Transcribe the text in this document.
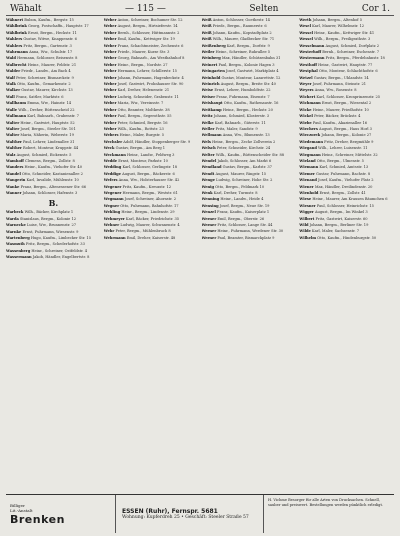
Wähalt	— 115 —	Selten	Cor 1.

Wähnert Bubon, Kaufm., Bergstr. 15

Wählbrink Georg, Postschaffn., Hauptstr. 17

Wählbrink Ernst, Bergm., Heckstr. 11

Wahlers Gustav, Witwe, Knappenstr. 6

Wahlers Fritz, Bergm., Gartenstr. 3

Wahrmann Anna, Ww., Schulstr. 17

Wald Hermann, Schlosser, Beisenstr. 8

Walbrecht Heinr., Maurer, Feldstr. 21

Walder Friedr., Landw., Am Bach 4

Walf Peter, Schreiner, Bismarckstr. 9

Walk Otto, Kaufm., Gemarkenstr. 2

Walker Gustav, Maurer, Kirchstr. 13

Wall Franz, Sattler, Marktstr. 6

Wallbaum Emma, Ww., Hainstr. 14

Walle Wilh., Dreher, Rüttenscheid 22

Wallmann Karl, Bahnarb., Grabenstr. 7

Walter Heinr., Gastwirt, Hauptstr. 52

Walter Josef, Bergm., Steeler Str. 101

Walter Maria, Näherin, Weberstr. 19

Walther Paul, Lehrer, Lindenallee 31

Walther Robert, Monteur, Kruppstr. 44

Walz August, Schmied, Eickenstr. 5

Wamhoff Clemens, Bergm., Zollstr. 8

Wanders Heinr., Kaufm., Viehofer Str. 40

Wandel Otto, Schneider, Kastanienallee 2

Wangerin Karl, Invalide, Mühlenstr. 10

Wanke Franz, Bergm., Altenessener Str. 66

Wanner Johann, Schlosser, Hafenstr. 3

B.

Warbeck Wilh., Bäcker, Kirchplatz 1

Warda Stanislaus, Bergm., Kolonie 12

Warnecke Luise, Ww., Brunnenstr. 27

Warnke Ernst, Fuhrmann, Wiesenstr. 9

Wartenberg Hugo, Kaufm., Limbecker Str. 15

Wasmuth Fritz, Bergm., Schederhofstr. 33

Wassenberg Heinr., Schreiner, Ostfeldstr. 4

Wassermann Jakob, Händler, Engelbertstr. 8

Weber Anton, Schreiner, Bochumer Str. 12

Weber August, Bergm., Hirtsieferstr. 14

Weber Bernh., Schlosser, Hüttmannstr. 2

Weber Emil, Kaufm., Kettwiger Str. 19

Weber Franz, Schachtmeister, Zechenstr. 6

Weber Friedr., Maurer, Kurze Str. 3

Weber Georg, Bahnarb., Am Westbahnhof 8

Weber Heinr., Bergm., Nordstr. 27

Weber Hermann, Lehrer, Schillerstr. 15

Weber Johann, Fuhrmann, Hagenbeckstr. 4

Weber Josef, Gastwirt, Frohnhauser Str. 90

Weber Karl, Dreher, Helenenstr. 21

Weber Ludwig, Schneider, Grabenstr. 11

Weber Maria, Ww., Vereinsstr. 7

Weber Otto, Beamter, Moltkestr. 38

Weber Paul, Bergm., Segerothstr. 55

Weber Peter, Schmied, Bergstr. 16

Weber Wilh., Kaufm., Rottstr. 23

Webers Heinr., Maler, Burgstr. 5

Wechsler Adolf, Händler, Stoppenberger Str. 9

Weck Gustav, Bergm., Am Berg 1

Weckmann Heinr., Landw., Feldweg 3

Wedde Ernst, Monteur, Parkstr. 10

Wedding Karl, Schlosser, Gerlingstr. 18

Weddige August, Bergm., Bäckerstr. 6

Wefers Anna, Ww., Holsterhauser Str. 42

Wegener Fritz, Kaufm., Kreuzstr. 12

Wegener Hermann, Bergm., Weststr. 61

Wegmann Josef, Schreiner, Ahornstr. 2

Wegner Otto, Fuhrmann, Bahnhofstr. 17

Wehling Heinr., Bergm., Lindenstr. 29

Wehmeyer Karl, Bäcker, Friedrichstr. 35

Wehner Ludwig, Maurer, Schwanenstr. 4

Wehr Peter, Bergm., Mühlenbruch 8

Wehrmann Emil, Dreher, Kaiserstr. 48

Weiß Anton, Schlosser, Goethestr. 14

Weiß Friedr., Bergm., Raumerstr. 6

Weiß Johann, Kaufm., Kopstadtplatz 2

Weiß Wilh., Maurer, Gladbecker Str. 71

Weißenberg Karl, Bergm., Dorfstr. 9

Weiler Heinr., Schreiner, Ruhrallee 5

Weinberg Max, Händler, Schützenbahn 31

Weinert Paul, Bergm., Kolonie Hagen 3

Weingarten Josef, Gastwirt, Marktplatz 4

Weinhold Gustav, Monteur, Lazarettstr. 12

Weinrich August, Bergm., Breite Str. 40

Weise Ernst, Lehrer, Humboldtstr. 22

Weiser Franz, Fuhrmann, Eisenstr. 7

Weishaupt Otto, Kaufm., Rathenaustr. 16

Weitkamp Heinr., Bergm., Heckstr. 20

Weitz Johann, Schmied, Klosterstr. 3

Welke Karl, Bahnarb., Güterstr. 11

Weller Fritz, Maler, Sandstr. 9

Wellmann Anna, Ww., Blumenstr. 13

Wels Heinr., Bergm., Zeche Zollverein 2

Welsch Peter, Schneider, Kirchstr. 24

Welter Wilh., Kaufm., Rüttenscheider Str. 88

Wendel Jakob, Schlosser, Am Markt 6

Wendland Gustav, Bergm., Karlstr. 37

Wendt August, Maurer, Ringstr. 15

Wenge Ludwig, Schreiner, Hohe Str. 2

Wenig Otto, Bergm., Feldmark 10

Wenk Karl, Dreher, Turmstr. 8

Wenning Heinr., Landw., Heide 4

Wensing Josef, Bergm., Neue Str. 19

Wenzel Franz, Kaufm., Kaiserplatz 1

Werner Emil, Bergm., Oberstr. 26

Werner Fritz, Schlosser, Lange Str. 44

Werner Heinr., Fuhrmann, Werdener Str. 30

Werner Paul, Beamter, Bismarckplatz 9

Werth Johann, Bergm., Altenhof 5

Wesel Karl, Maurer, Wilhelmstr. 12

Wessel Heinr., Kaufm., Kettwiger Str. 41

Wessel Wilh., Bergm., Freiligrathstr. 3

Wesselmann August, Schmied, Dorfplatz 2

Westerhoff Bernh., Schreiner, Eschenstr. 7

Westermann Fritz, Bergm., Pferdebahnstr. 18

Westhoff Heinr., Gastwirt, Hauptstr. 77

Westphal Otto, Monteur, Schlachthofstr. 6

Wetzel Gustav, Bergm., Uhlandstr. 14

Weyer Josef, Fuhrmann, Steinstr. 21

Weyers Anna, Ww., Rosenstr. 8

Wichert Karl, Schlosser, Kronprinzenstr. 25

Wichmann Ernst, Bergm., Wiesental 2

Wicke Heinr., Maurer, Friedhofstr. 10

Wickel Peter, Bäcker, Brückstr. 4

Wiebe Paul, Kaufm., Akazienallee 16

Wiechers August, Bergm., Haus Horl 3

Wieczorek Johann, Bergm., Kolonie 27

Wiedemann Fritz, Dreher, Bergmühle 9

Wiegand Wilh., Lehrer, Luisenstr. 11

Wiegmann Heinr., Schreiner, Mittelstr. 32

Wieland Otto, Bergm., Ulmenstr. 5

Wiemann Karl, Schmied, Amtsstr. 13

Wiemer Gustav, Fuhrmann, Bachstr. 8

Wienand Josef, Kaufm., Viehofer Platz 2

Wiener Max, Händler, Dreilindenstr. 20

Wienhold Ernst, Bergm., Zollstr. 41

Wiese Heinr., Maurer, Am Krausen Bäumchen 6

Wiesner Paul, Schlosser, Heinrichstr. 15

Wigger August, Bergm., Im Winkel 3

Wilbert Fritz, Gastwirt, Kaiserstr. 60

Wild Johann, Bergm., Berliner Str. 19

Wilde Karl, Maler, Sachsenstr. 7

Wilhelm Otto, Kaufm., Hindenburgstr. 50

Billiger
Lit.-Anstalt
Brenken
ESSEN (Ruhr), Fernspr. 5681
Wohnung: Kupferdreh 25 • Geschäft: Steeler Straße 57
H. Vichme Besorger für alle Arten von Drucksachen. Schnell, sauber und preiswert. Bestellungen werden pünktlich erledigt.
